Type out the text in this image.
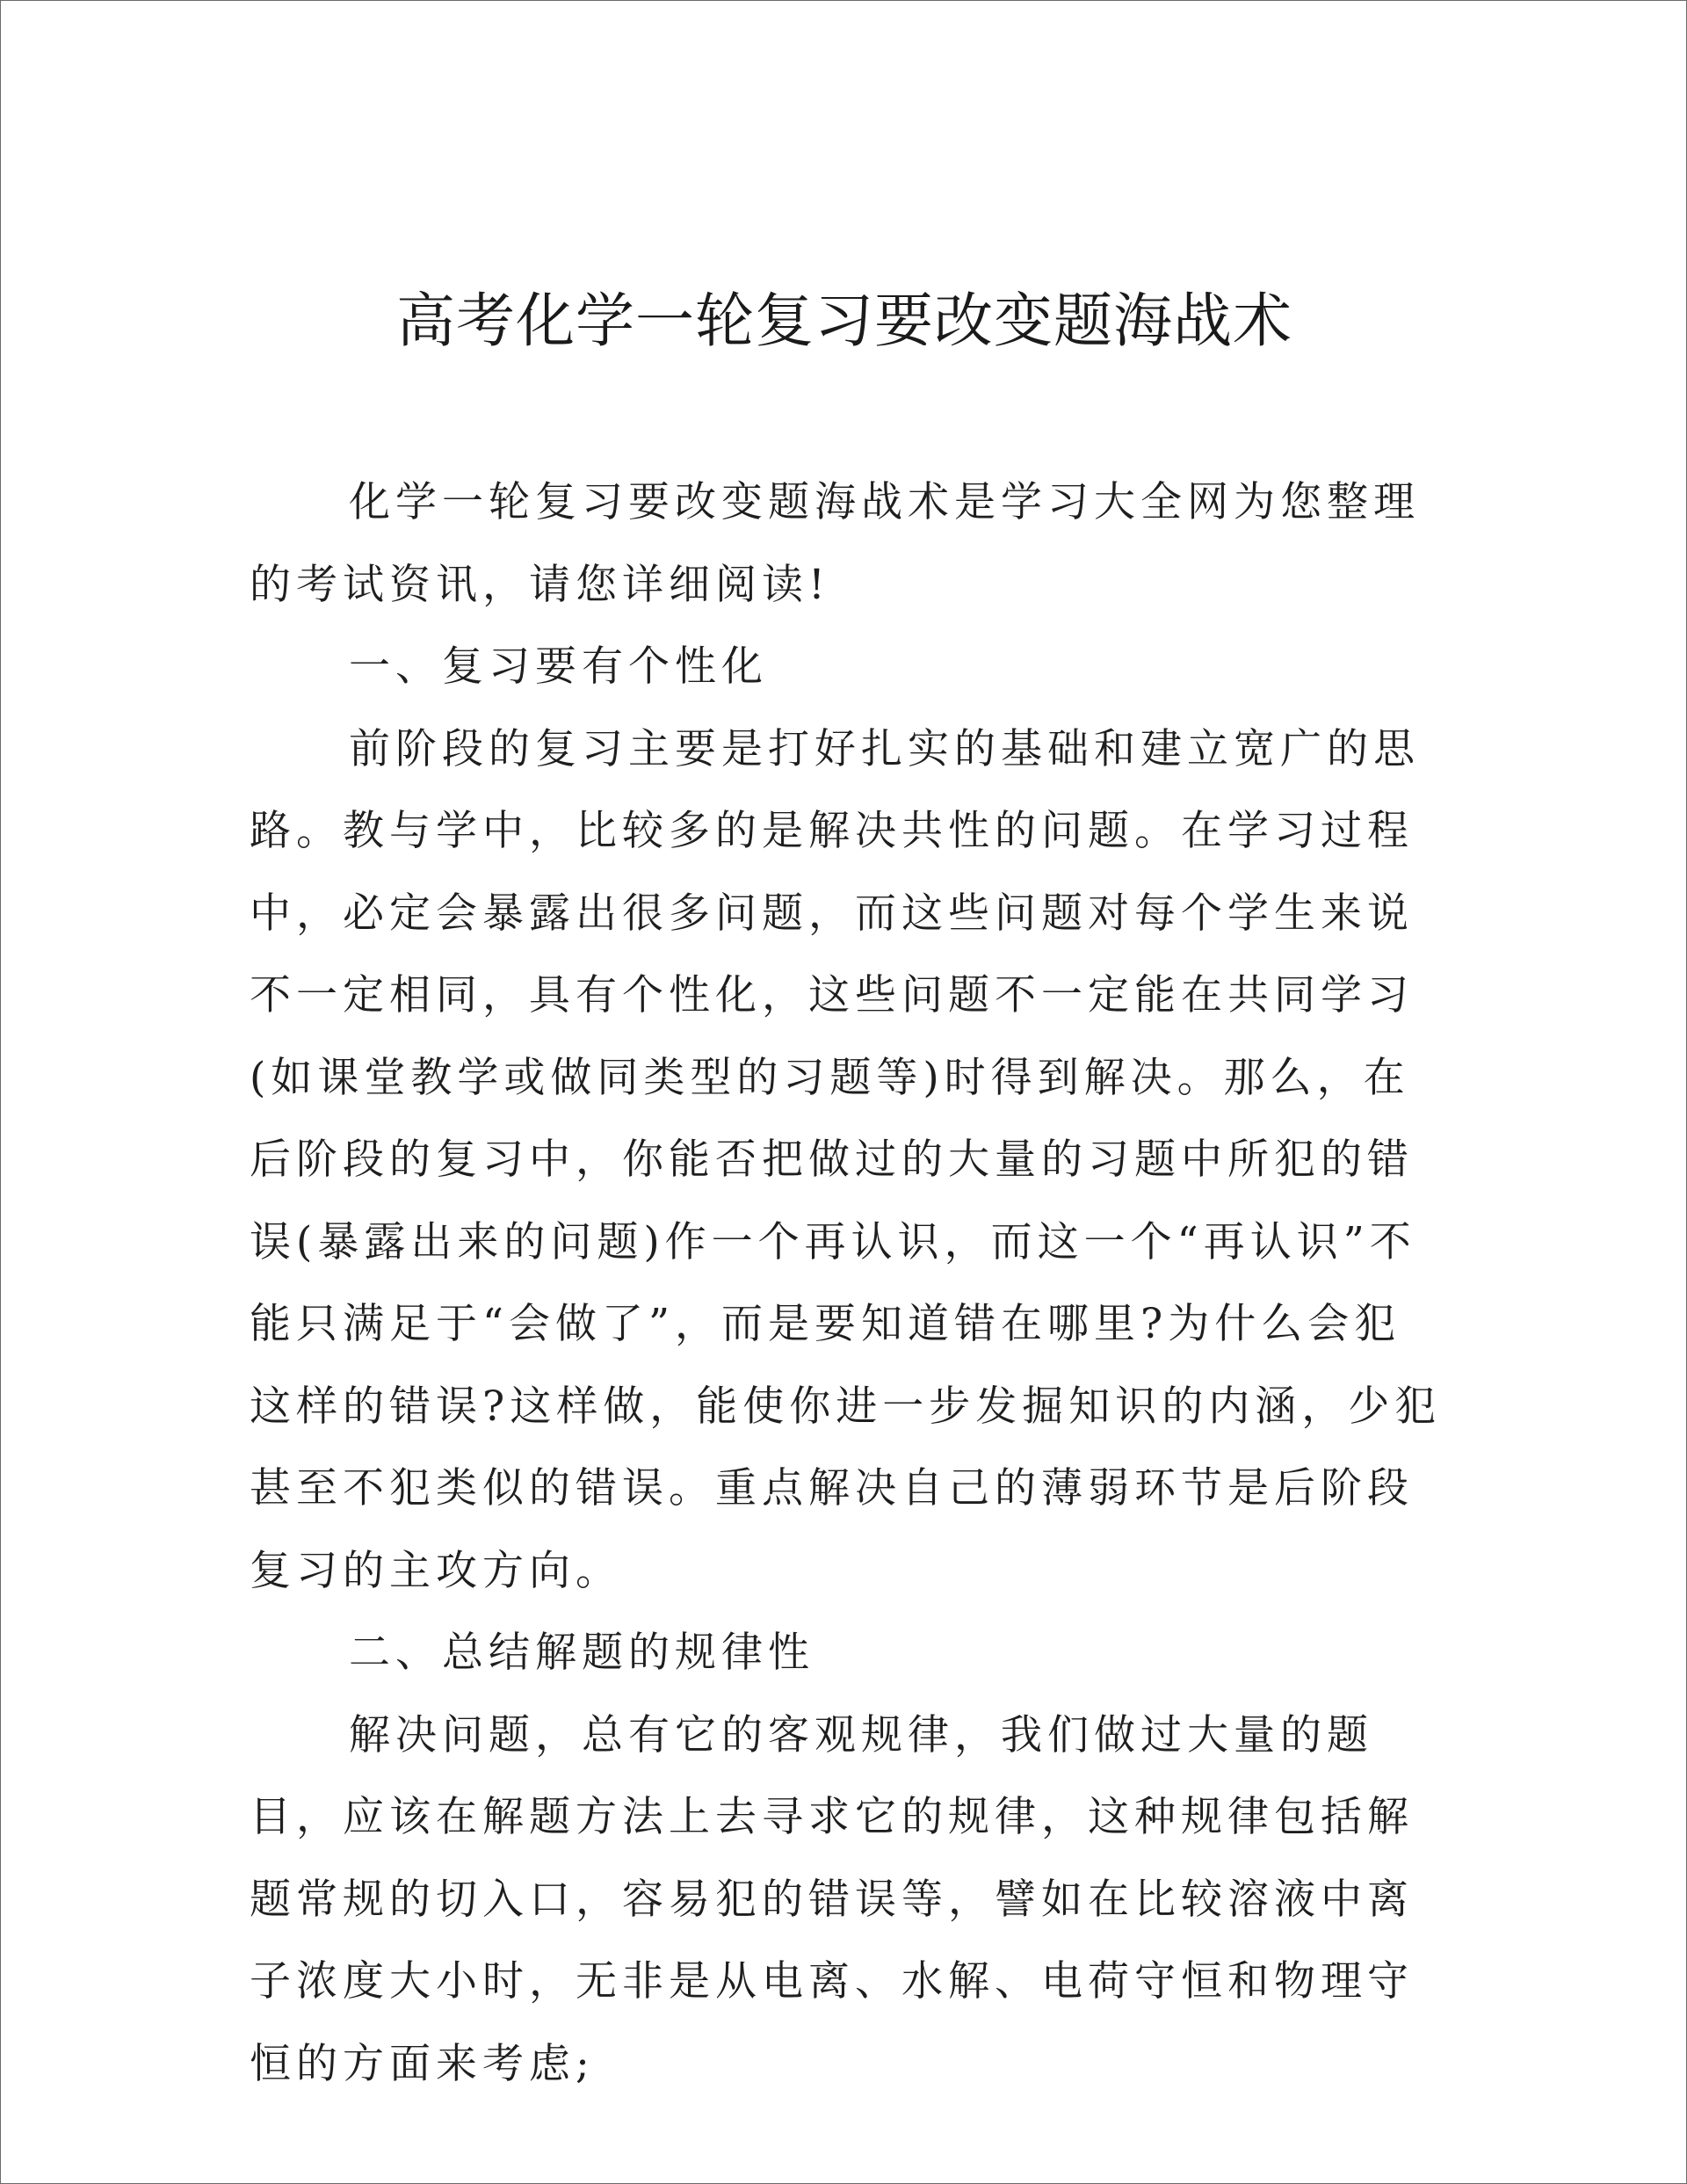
高考化学一轮复习要改变题海战术

化学一轮复习要改变题海战术是学习大全网为您整理的考试资讯，请您详细阅读!

一、复习要有个性化

前阶段的复习主要是打好扎实的基础和建立宽广的思路。教与学中，比较多的是解决共性的问题。在学习过程中，必定会暴露出很多问题，而这些问题对每个学生来说不一定相同，具有个性化，这些问题不一定能在共同学习(如课堂教学或做同类型的习题等)时得到解决。那么，在后阶段的复习中，你能否把做过的大量的习题中所犯的错误(暴露出来的问题)作一个再认识，而这一个“再认识”不能只满足于“会做了”，而是要知道错在哪里?为什么会犯这样的错误?这样做，能使你进一步发掘知识的内涵，少犯甚至不犯类似的错误。重点解决自己的薄弱环节是后阶段复习的主攻方向。

二、总结解题的规律性

解决问题，总有它的客观规律，我们做过大量的题目，应该在解题方法上去寻求它的规律，这种规律包括解题常规的切入口，容易犯的错误等，譬如在比较溶液中离子浓度大小时，无非是从电离、水解、电荷守恒和物理守恒的方面来考虑;
